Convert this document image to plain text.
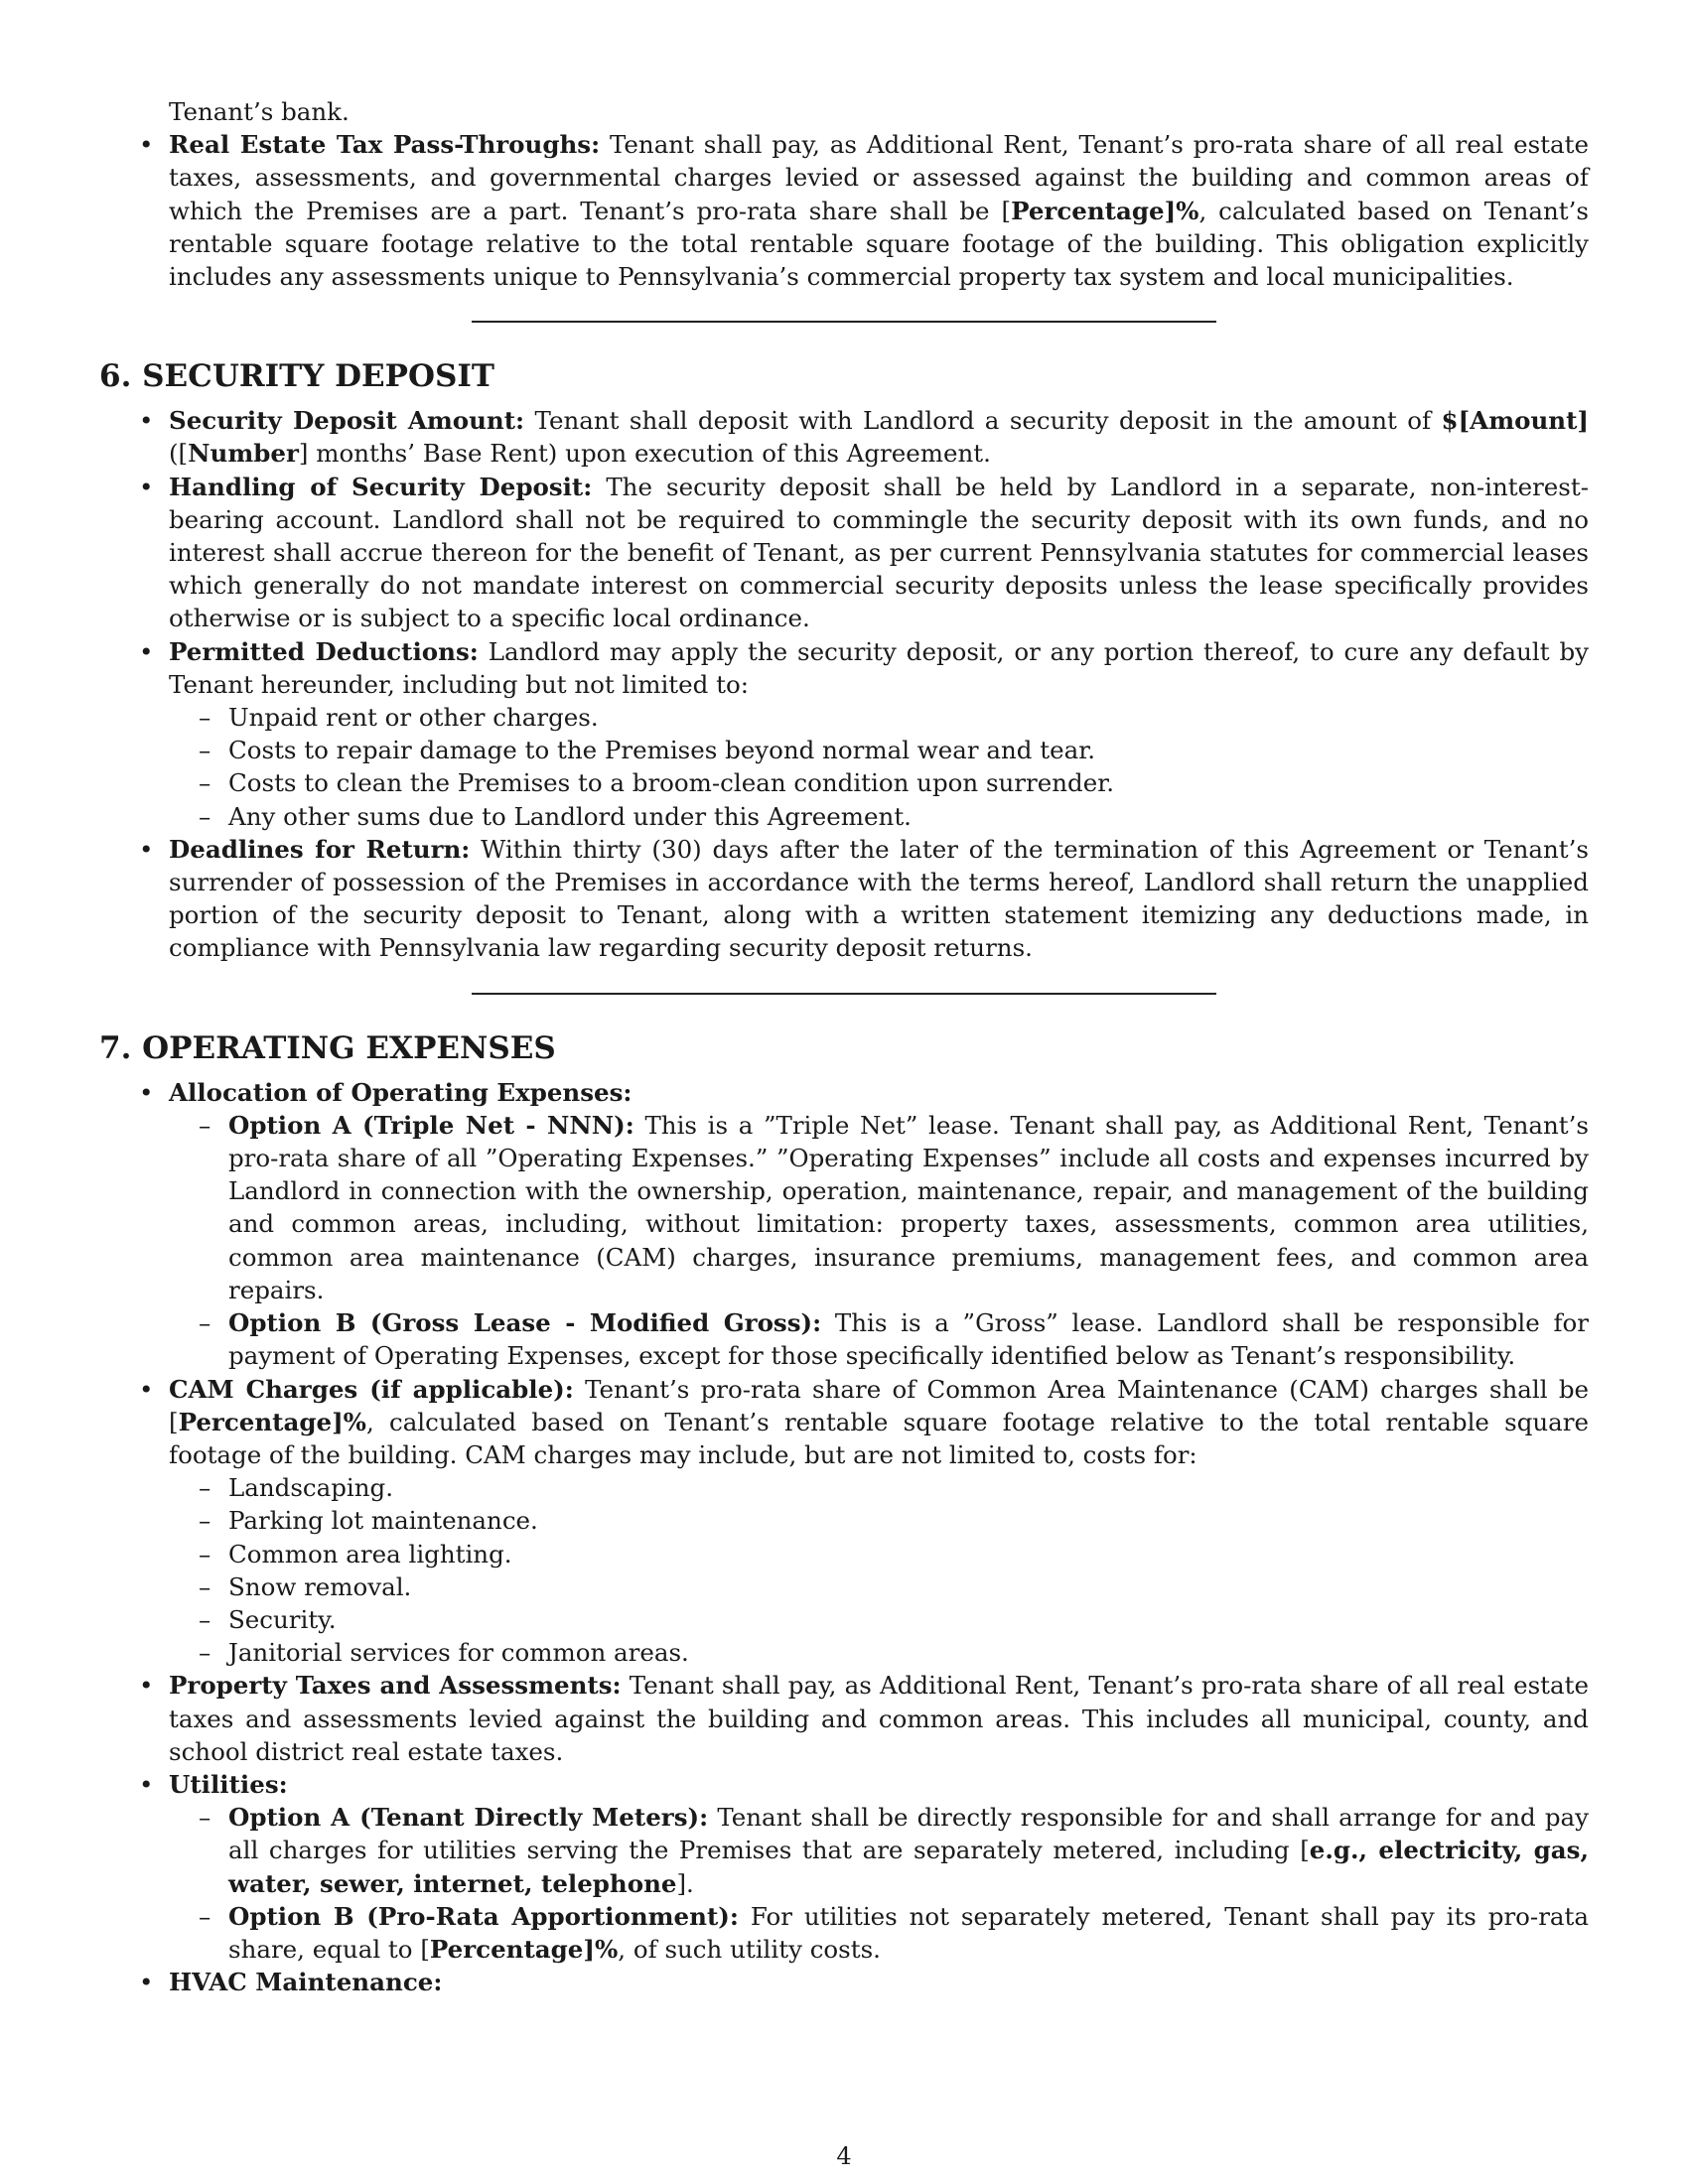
Tenant’s bank.
• Real Estate Tax Pass-Throughs: Tenant shall pay, as Additional Rent, Tenant’s pro-rata share of all real estate taxes, assessments, and governmental charges levied or assessed against the building and common areas of which the Premises are a part. Tenant’s pro-rata share shall be [Percentage]%, calculated based on Tenant’s rentable square footage relative to the total rentable square footage of the building. This obligation explicitly includes any assessments unique to Pennsylvania’s commercial property tax system and local municipalities.
6. SECURITY DEPOSIT
• Security Deposit Amount: Tenant shall deposit with Landlord a security deposit in the amount of $[Amount] ([Number] months’ Base Rent) upon execution of this Agreement.
• Handling of Security Deposit: The security deposit shall be held by Landlord in a separate, non-interest-bearing account. Landlord shall not be required to commingle the security deposit with its own funds, and no interest shall accrue thereon for the benefit of Tenant, as per current Pennsylvania statutes for commercial leases which generally do not mandate interest on commercial security deposits unless the lease specifically provides otherwise or is subject to a specific local ordinance.
• Permitted Deductions: Landlord may apply the security deposit, or any portion thereof, to cure any default by Tenant hereunder, including but not limited to:
– Unpaid rent or other charges.
– Costs to repair damage to the Premises beyond normal wear and tear.
– Costs to clean the Premises to a broom-clean condition upon surrender.
– Any other sums due to Landlord under this Agreement.
• Deadlines for Return: Within thirty (30) days after the later of the termination of this Agreement or Tenant’s surrender of possession of the Premises in accordance with the terms hereof, Landlord shall return the unapplied portion of the security deposit to Tenant, along with a written statement itemizing any deductions made, in compliance with Pennsylvania law regarding security deposit returns.
7. OPERATING EXPENSES
• Allocation of Operating Expenses:
– Option A (Triple Net - NNN): This is a ”Triple Net” lease. Tenant shall pay, as Additional Rent, Tenant’s pro-rata share of all ”Operating Expenses.” ”Operating Expenses” include all costs and expenses incurred by Landlord in connection with the ownership, operation, maintenance, repair, and management of the building and common areas, including, without limitation: property taxes, assessments, common area utilities, common area maintenance (CAM) charges, insurance premiums, management fees, and common area repairs.
– Option B (Gross Lease - Modified Gross): This is a ”Gross” lease. Landlord shall be responsible for payment of Operating Expenses, except for those specifically identified below as Tenant’s responsibility.
• CAM Charges (if applicable): Tenant’s pro-rata share of Common Area Maintenance (CAM) charges shall be [Percentage]%, calculated based on Tenant’s rentable square footage relative to the total rentable square footage of the building. CAM charges may include, but are not limited to, costs for:
– Landscaping.
– Parking lot maintenance.
– Common area lighting.
– Snow removal.
– Security.
– Janitorial services for common areas.
• Property Taxes and Assessments: Tenant shall pay, as Additional Rent, Tenant’s pro-rata share of all real estate taxes and assessments levied against the building and common areas. This includes all municipal, county, and school district real estate taxes.
• Utilities:
– Option A (Tenant Directly Meters): Tenant shall be directly responsible for and shall arrange for and pay all charges for utilities serving the Premises that are separately metered, including [e.g., electricity, gas, water, sewer, internet, telephone].
– Option B (Pro-Rata Apportionment): For utilities not separately metered, Tenant shall pay its pro-rata share, equal to [Percentage]%, of such utility costs.
• HVAC Maintenance:
4
